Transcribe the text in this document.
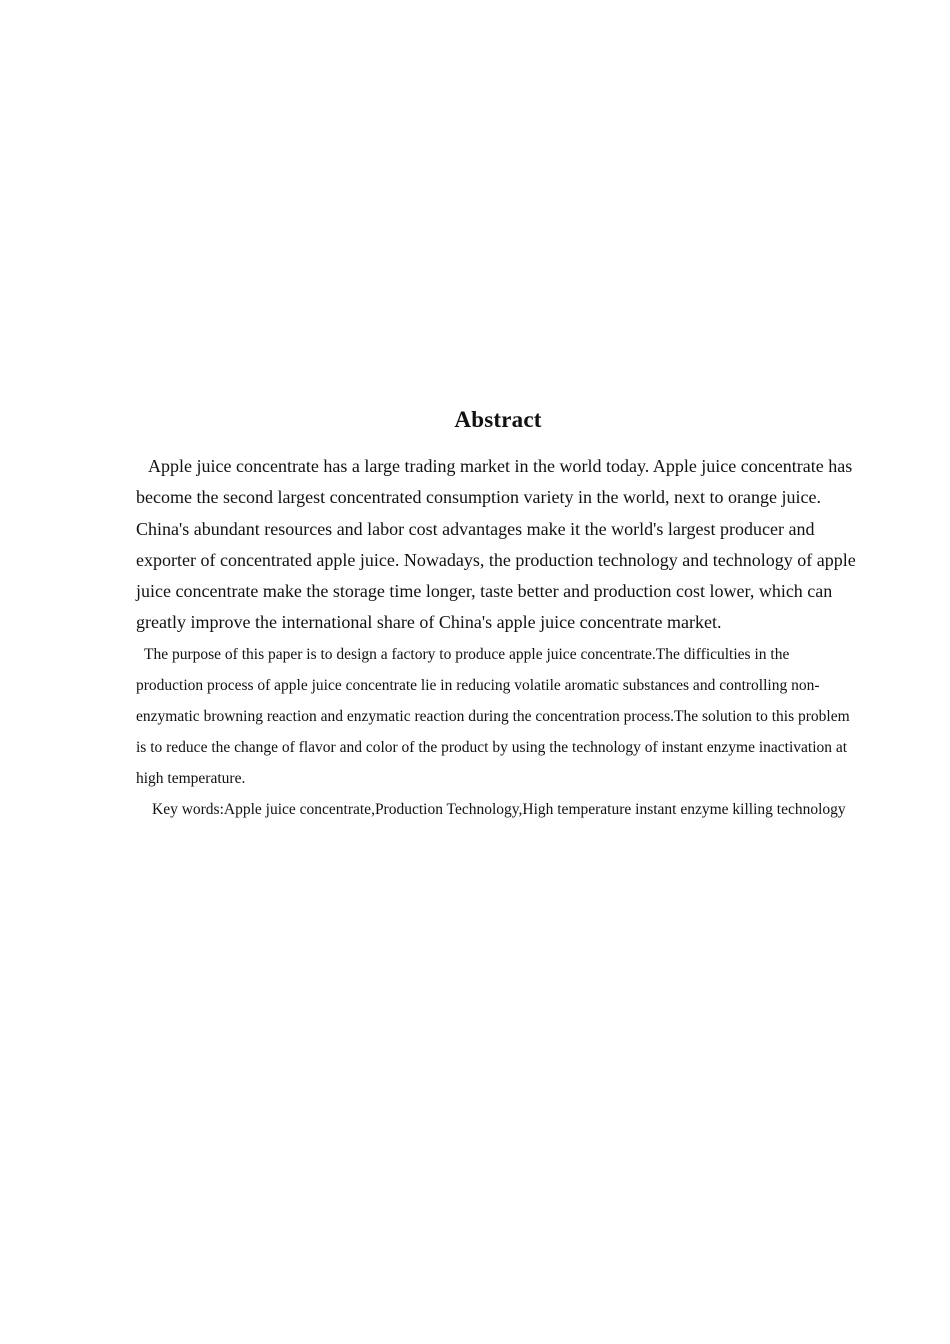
Abstract

Apple juice concentrate has a large trading market in the world today. Apple juice concentrate has become the second largest concentrated consumption variety in the world, next to orange juice. China's abundant resources and labor cost advantages make it the world's largest producer and exporter of concentrated apple juice. Nowadays, the production technology and technology of apple juice concentrate make the storage time longer, taste better and production cost lower, which can greatly improve the international share of China's apple juice concentrate market.

The purpose of this paper is to design a factory to produce apple juice concentrate.The difficulties in the production process of apple juice concentrate lie in reducing volatile aromatic substances and controlling non-enzymatic browning reaction and enzymatic reaction during the concentration process.The solution to this problem is to reduce the change of flavor and color of the product by using the technology of instant enzyme inactivation at high temperature.

Key words:Apple juice concentrate,Production Technology,High temperature instant enzyme killing technology
